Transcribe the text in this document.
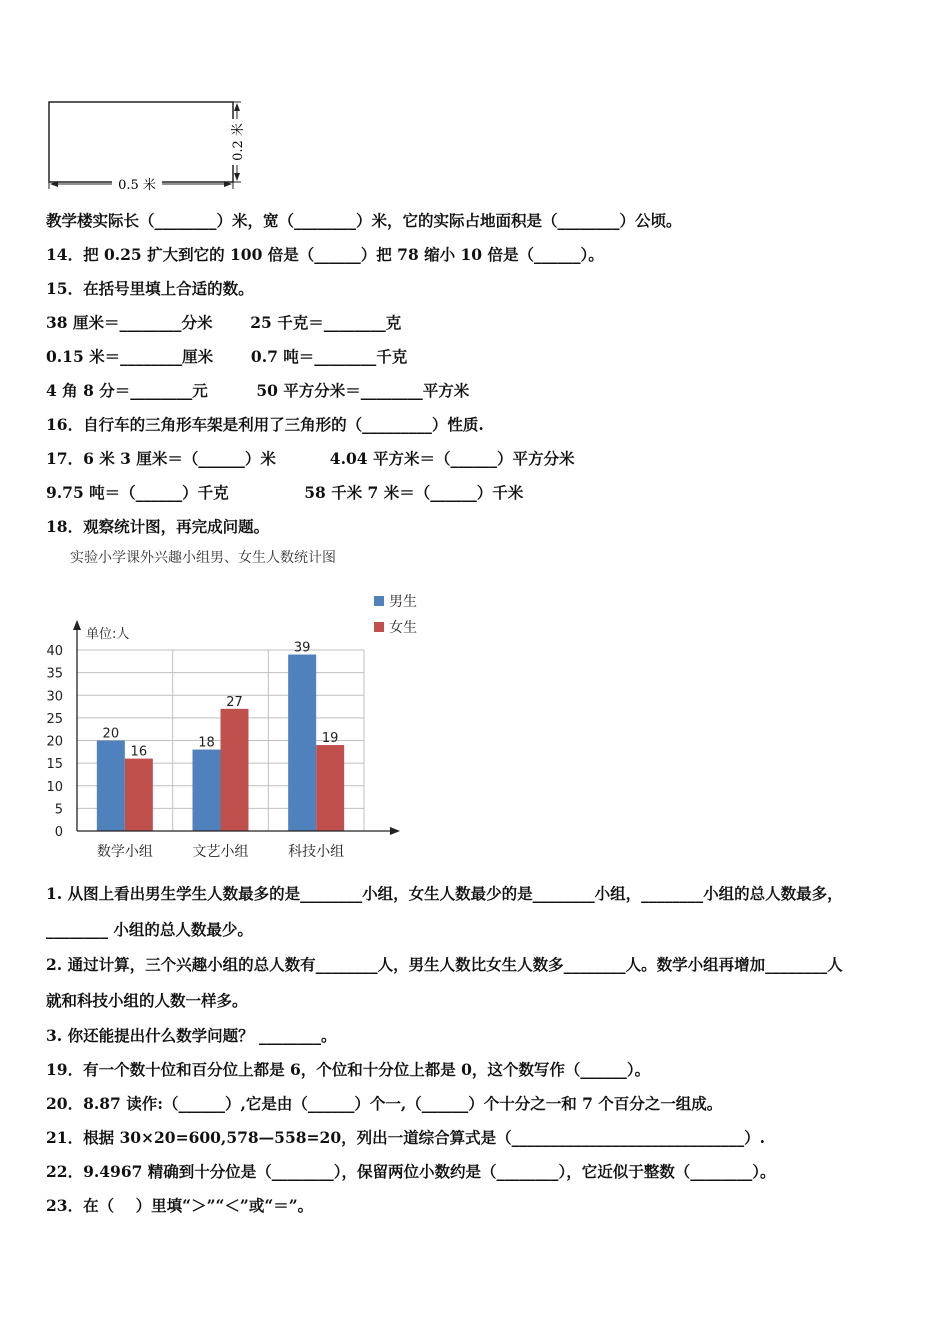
0.5 米
0.2 米
教学楼实际长（________）米，宽（________）米，它的实际占地面积是（________）公顷。
14．把 0.25 扩大到它的 100 倍是（______）把 78 缩小 10 倍是（______）。
15．在括号里填上合适的数。
38 厘米＝________分米       25 千克＝________克
0.15 米＝________厘米       0.7 吨＝________千克
4 角 8 分＝________元         50 平方分米＝________平方米
16．自行车的三角形车架是利用了三角形的（_________）性质.
17．6 米 3 厘米＝（______）米          4.04 平方米＝（______）平方分米
9.75 吨＝（______）千克              58 千米 7 米＝（______）千米
18．观察统计图，再完成问题。
实验小学课外兴趣小组男、女生人数统计图
男生
女生
单位:人
0
5
10
15
20
25
30
35
40
20
16
数学小组
18
27
文艺小组
39
19
科技小组
1. 从图上看出男生学生人数最多的是________小组，女生人数最少的是________小组，________小组的总人数最多，
________ 小组的总人数最少。
2. 通过计算，三个兴趣小组的总人数有________人，男生人数比女生人数多________人。数学小组再增加________人
就和科技小组的人数一样多。
3. 你还能提出什么数学问题？ ________。
19．有一个数十位和百分位上都是 6，个位和十分位上都是 0，这个数写作（______）。
20．8.87 读作:（______）,它是由（______）个一,（______）个十分之一和 7 个百分之一组成。
21．根据 30×20=600,578—558=20，列出一道综合算式是（______________________________）.
22．9.4967 精确到十分位是（________），保留两位小数约是（________），它近似于整数（________）。
23．在（    ）里填“＞”“＜”或“＝”。
